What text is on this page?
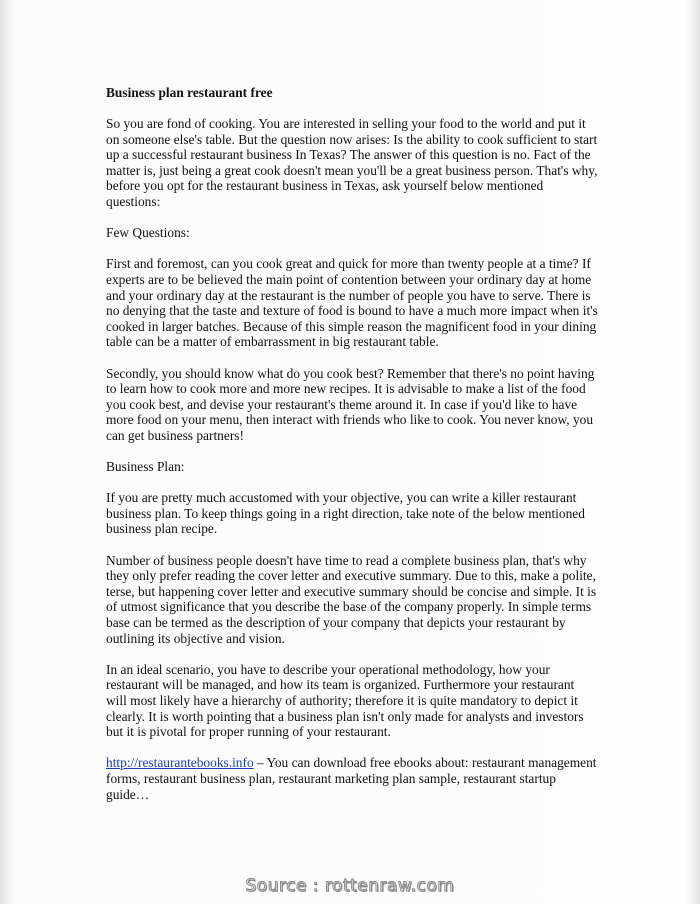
Business plan restaurant free
So you are fond of cooking. You are interested in selling your food to the world and put it on someone else's table. But the question now arises: Is the ability to cook sufficient to start up a successful restaurant business In Texas? The answer of this question is no. Fact of the matter is, just being a great cook doesn't mean you'll be a great business person. That's why, before you opt for the restaurant business in Texas, ask yourself below mentioned questions:
Few Questions:
First and foremost, can you cook great and quick for more than twenty people at a time? If experts are to be believed the main point of contention between your ordinary day at home and your ordinary day at the restaurant is the number of people you have to serve. There is no denying that the taste and texture of food is bound to have a much more impact when it's cooked in larger batches. Because of this simple reason the magnificent food in your dining table can be a matter of embarrassment in big restaurant table.
Secondly, you should know what do you cook best? Remember that there's no point having to learn how to cook more and more new recipes. It is advisable to make a list of the food you cook best, and devise your restaurant's theme around it. In case if you'd like to have more food on your menu, then interact with friends who like to cook. You never know, you can get business partners!
Business Plan:
If you are pretty much accustomed with your objective, you can write a killer restaurant business plan. To keep things going in a right direction, take note of the below mentioned business plan recipe.
Number of business people doesn't have time to read a complete business plan, that's why they only prefer reading the cover letter and executive summary. Due to this, make a polite, terse, but happening cover letter and executive summary should be concise and simple. It is of utmost significance that you describe the base of the company properly. In simple terms base can be termed as the description of your company that depicts your restaurant by outlining its objective and vision.
In an ideal scenario, you have to describe your operational methodology, how your restaurant will be managed, and how its team is organized. Furthermore your restaurant will most likely have a hierarchy of authority; therefore it is quite mandatory to depict it clearly. It is worth pointing that a business plan isn't only made for analysts and investors but it is pivotal for proper running of your restaurant.
http://restaurantebooks.info – You can download free ebooks about: restaurant management forms, restaurant business plan, restaurant marketing plan sample, restaurant startup guide…
Source : rottenraw.com
